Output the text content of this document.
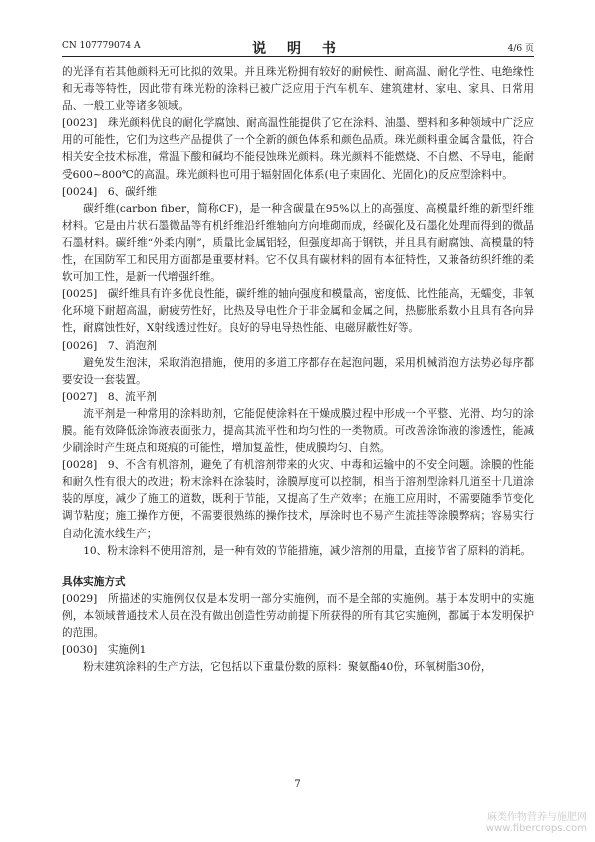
CN 107779074 A	说 明 书	4/6 页

的光泽有若其他颜料无可比拟的效果。并且珠光粉拥有较好的耐候性、耐高温、耐化学性、电绝缘性和无毒等特性，因此带有珠光粉的涂料已被广泛应用于汽车机车、建筑建材、家电、家具、日常用品、一般工业等诸多领域。

[0023]  珠光颜料优良的耐化学腐蚀、耐高温性能提供了它在涂料、油墨、塑料和多种领域中广泛应用的可能性，它们为这些产品提供了一个全新的颜色体系和颜色品质。珠光颜料重金属含量低，符合相关安全技术标准，常温下酸和碱均不能侵蚀珠光颜料。珠光颜料不能燃烧、不自燃、不导电，能耐受600~800℃的高温。珠光颜料也可用于辐射固化体系(电子束固化、光固化)的反应型涂料中。

[0024]  6、碳纤维

碳纤维(carbon fiber，简称CF)，是一种含碳量在95%以上的高强度、高模量纤维的新型纤维材料。它是由片状石墨微晶等有机纤维沿纤维轴向方向堆砌而成，经碳化及石墨化处理而得到的微晶石墨材料。碳纤维“外柔内刚”，质量比金属铝轻，但强度却高于钢铁，并且具有耐腐蚀、高模量的特性，在国防军工和民用方面都是重要材料。它不仅具有碳材料的固有本征特性，又兼备纺织纤维的柔软可加工性，是新一代增强纤维。

[0025]  碳纤维具有许多优良性能，碳纤维的轴向强度和模量高，密度低、比性能高，无蠕变，非氧化环境下耐超高温，耐疲劳性好，比热及导电性介于非金属和金属之间，热膨胀系数小且具有各向异性，耐腐蚀性好，X射线透过性好。良好的导电导热性能、电磁屏蔽性好等。

[0026]  7、消泡剂

避免发生泡沫，采取消泡措施，使用的多道工序都存在起泡问题，采用机械消泡方法势必每序都要安设一套装置。

[0027]  8、流平剂

流平剂是一种常用的涂料助剂，它能促使涂料在干燥成膜过程中形成一个平整、光滑、均匀的涂膜。能有效降低涂饰液表面张力，提高其流平性和均匀性的一类物质。可改善涂饰液的渗透性，能减少刷涂时产生斑点和斑痕的可能性，增加复盖性，使成膜均匀、自然。

[0028]  9、不含有机溶剂，避免了有机溶剂带来的火灾、中毒和运输中的不安全问题。涂膜的性能和耐久性有很大的改进；粉末涂料在涂装时，涂膜厚度可以控制，相当于溶剂型涂料几道至十几道涂装的厚度，减少了施工的道数，既利于节能，又提高了生产效率；在施工应用时，不需要随季节变化调节粘度；施工操作方便，不需要很熟练的操作技术，厚涂时也不易产生流挂等涂膜弊病；容易实行自动化流水线生产；

10、粉末涂料不使用溶剂，是一种有效的节能措施，减少溶剂的用量，直接节省了原料的消耗。

具体实施方式

[0029]  所描述的实施例仅仅是本发明一部分实施例，而不是全部的实施例。基于本发明中的实施例，本领域普通技术人员在没有做出创造性劳动前提下所获得的所有其它实施例，都属于本发明保护的范围。

[0030]  实施例1

粉末建筑涂料的生产方法，它包括以下重量份数的原料：聚氨酯40份，环氧树脂30份，

7
麻类作物营养与施肥网
www.fibercrops.com
